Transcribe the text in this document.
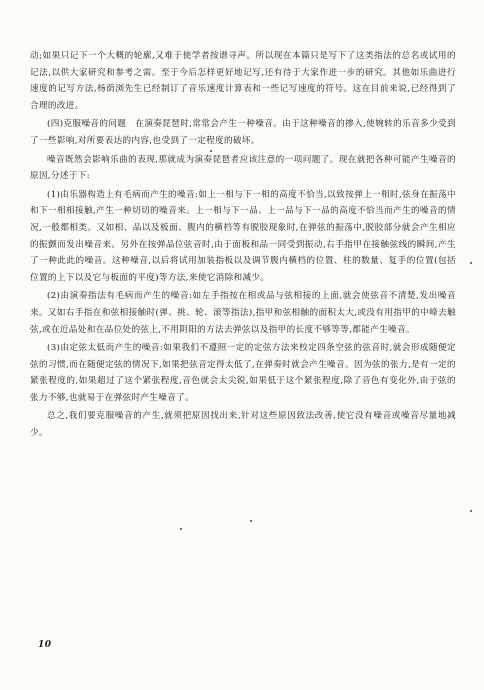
动;如果只记下一个大概的轮廓,又难于使学者按谱寻声。所以现在本篇只是写下了这类指法的总名或试用的记法,以供大家研究和参考之需。至于今后怎样更好地记写,还有待于大家作进一步的研究。其他如乐曲进行速度的记写方法,杨荫浏先生已经制订了音乐速度计算表和一些记写速度的符号。这在目前来说,已经得到了合理的改进。

(四)克服噪音的问题　在演奏琵琶时,常常会产生一种噪音。由于这种噪音的掺入,使婉转的乐音多少受到了一些影响,对所要表达的内容,也受到了一定程度的破坏。

噪音既然会影响乐曲的表现,那就成为演奏琵琶者应该注意的一项问题了。现在就把各种可能产生噪音的原因,分述于下:

(1)由乐器构造上有毛病而产生的噪音:如上一相与下一相的高度不恰当,以致按弹上一相时,弦身在振荡中和下一相相接触,产生一种切切的噪音来。上一相与下一品、上一品与下一品的高度不恰当而产生的噪音的情况,一般都相类。又如相、品以及板面、腹内的横档等有脱胶现象时,在弹弦的振荡中,脱胶部分就会产生相应的振颤而发出噪音来。另外在按弹品位弦音时,由于面板和品一同受到振动,右手指甲在接触弦线的瞬间,产生了一种此此的噪音。这种噪音,以后将试用加装指板以及调节腹内横档的位置、柱的数量、复手的位置(包括位置的上下以及它与板面的平度)等方法,来使它消除和减少。

(2)由演奏指法有毛病而产生的噪音:如左手指按在相或品与弦相接的上面,就会使弦音不清楚,发出噪音来。又如右手指在和弦相接触时(弹、挑、轮、滚等指法),指甲和弦相触的面积太大,或没有用指甲的中峰去触弦,或在近品处和在品位处的弦上,不用阴阳的方法去弹弦以及指甲的长度不够等等,都能产生噪音。

(3)由定弦太低而产生的噪音:如果我们不遵照一定的定弦方法来校定四条空弦的弦音时,就会形成随便定弦的习惯,而在随便定弦的情况下,如果把弦音定得太低了,在弹奏时就会产生噪音。因为弦的张力,是有一定的紧张程度的,如果超过了这个紧张程度,音色就会太尖锐,如果低于这个紧张程度,除了音色有变化外,由于弦的张力不够,也就易于在弹弦时产生噪音了。

总之,我们要克服噪音的产生,就须把原因找出来,针对这些原因致法改善,使它没有噪音或噪音尽量地减少。

10
